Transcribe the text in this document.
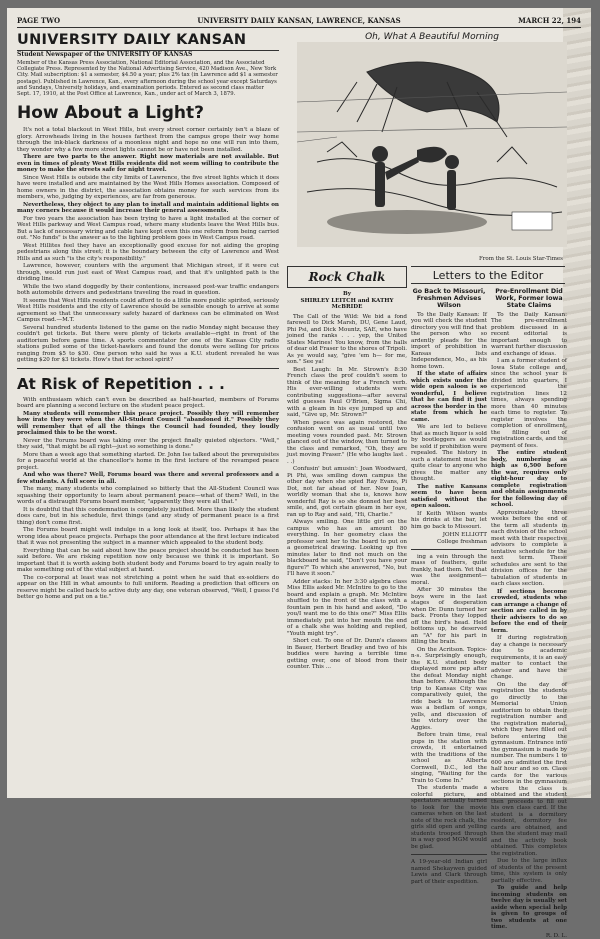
PAGE TWO	UNIVERSITY DAILY KANSAN, LAWRENCE, KANSAS	MARCH 22, 194
UNIVERSITY DAILY KANSAN
Student Newspaper of the UNIVERSITY OF KANSAS
Member of the Kansas Press Association, National Editorial Association, and the Associated Collegiate Press. Represented by the National Advertising Service, 420 Madison Ave., New York City. Mail subscription: $1 a semester, $4.50 a year; plus 2% tax (in Lawrence add $1 a semester postage). Published in Lawrence, Kan., every afternoon during the school year except Saturdays and Sundays, University holidays, and examination periods. Entered as second class matter Sept. 17, 1910, at the Post Office at Lawrence, Kan., under act of March 3, 1879.
How About a Light?

It's not a total blackout in West Hills, but every street corner certainly isn't a blaze of glory. Arrowheads living in the houses farthest from the campus grope their way home through the ink-black darkness of a moonless night and hope no one will run into them, they wonder why a few more street lights cannot be or have not been installed.

There are two parts to the answer. Right now materials are not available. But even in times of plenty West Hills residents did not seem willing to contribute the money to make the streets safe for night travel.

Since West Hills is outside the city limits of Lawrence, the five street lights which it does have were installed and are maintained by the West Hills Homes association. Composed of home owners in the district, the association obtains money for such services from its members, who, judging by experiences, are far from generous.

Nevertheless, they object to any plan to install and maintain additional lights on many corners because it would increase their general assessments.

For two years the association has been trying to have a light installed at the corner of West Hills parkway and West Campus road, where many students leave the West Hills bus. But a lack of necessary wiring and cable have kept even this one reform from being carried out. "No funds" is the answer as to the lighting problem goes in West Campus road.

West Hillites feel they have an exceptionally good excuse for not aiding the groping pedestrians along this street; it is the boundary between the city of Lawrence and West Hills and as such "is the city's responsibility."

Lawrence, however, counters with the argument that Michigan street, if it were cut through, would run just east of West Campus road, and that it's unlighted path is the dividing line.

While the two stand doggedly by their contentions, increased post-war traffic endangers both automobile drivers and pedestrians traveling the road in question.

It seems that West Hills residents could afford to do a little more public spirited, seriously West Hills residents and the city of Lawrence should be sensible enough to arrive at some agreement so that the unnecessary safety hazard of darkness can be eliminated on West Campus road.—M.T.

Several hundred students listened to the game on the radio Monday night because they couldn't get tickets. But there were plenty of tickets available—right in front of the auditorium before game time. A sports commentator for one of the Kansas City radio stations pulled some of the ticket-hawkers and found the donuts were selling for prices ranging from $5 to $30. One person who said he was a K.U. student revealed he was getting $20 for $3 tickets. How's that for school spirit?

At Risk of Repetition . . .

With enthusiasm which can't even be described as half-hearted, members of Forums board are planning a second lecture on the student peace project.

Many students will remember this peace project. Possibly they will remember how irate they were when the All-Student Council "abandoned it." Possibly they will remember that of all the things the Council had founded, they loudly proclaimed this to be the worst.

Never the Forums board was taking over the project finally quieted objectors. "Well," they said, "that might be all right—just so something is done."

More than a week ago that something started. Dr. John Ise talked about the prerequisites for a peaceful world at the chancellor's home in the first lecture of the revamped peace project.

And who was there? Well, Forums board was there and several professors and a few students. A full score in all.

The many, many students who complained so bitterly that the All-Student Council was squashing their opportunity to learn about permanent peace—what of them? Well, in the words of a distraught Forums board member, "apparently they were all that."

It is doubtful that this condemnation is completely justified. More than likely the student does care, but in his schedule, first things (and any study of permanent peace is a first thing) don't come first.

The Forums board might well indulge in a long look at itself, too. Perhaps it has the wrong idea about peace projects. Perhaps the poor attendance at the first lecture indicated that it was not presenting the subject in a manner which appealed to the student body.

Everything that can be said about how the peace project should be conducted has been said before. We are risking repetition now only because we think it is important. So important that it is worth asking both student body and Forums board to try again really to make something out of the vital subject at hand.

The co-corporal at least was not stretching a point when he said that ex-soldiers do appear on the Hill in what amounts to full uniform. Reading a prediction that officers on reserve might be called back to active duty any day, one veteran observed, "Well, I guess I'd better go home and put on a tie."

Oh, What A Beautiful Morning
From the St. Louis Star-Times
Rock Chalk
By
SHIRLEY LEITCH and KATHY McBRIDE

The Call of the Wild: We bid a fond farewell to Dick Marsh, DU, Gene Laud, Phi Psi, and Dick Mountz, SAE, who have joined the ranks . . . yep, the United States Marines! You know, from the halls of dear old Fraser to the shores of Tripoli. As ye would say, "give 'em h— for me, son." See ya!

Best Laugh: In Mr. Strown's 8:30 French class the prof couldn't seem to think of the meaning for a French verb. His ever-willing students were contributing suggestions—after several wild guesses Paul O'Brien, Sigma Chi, with a gleam in his eye jumped up and said, "Give up, Mr. Strown?"

When peace was again restored, the confusion went on as usual until two meeting vows rounded past. Mr. Strown glanced out of the window, then turned to the class and remarked, "Oh, they are just moving Fraser." (He who laughs last . . .)

Confusin' but amusin': Joan Woodward, Pi Phi, was smiling down campus the other day when she spied Ray Evans, Pi Dot, not far ahead of her. Now Joan, worldly woman that she is, knows how wonderful Ray is so she donned her best smile, and, got certain gleam in her eye, ran up to Ray and said, "Hi, Charlie."

Always smiling. One little girl on the campus who has an amount 80 everything. In her geometry class the professor sent her to the board to put on a geometrical drawing. Looking up five minutes later to find not much on the blackboard he said, "Don't you have your figure?" To which she answered, "No, but I'll have it soon."

Adder stacks: In her 3:30 algebra class Miss Ellis asked Mr. McIntire to go to the board and explain a graph. Mr. McIntire shuffled to the front of the class with a fountain pen in his hand and asked, "Do you/I want me to do this one?" Miss Ellis immediately put into her mouth the end of a chalk she was holding and replied, "Youth might try".

Short cut. To one of Dr. Dunn's classes in Bauer, Herbert Bradley and two of his buddies were having a terrible time getting over, one of blood from their counter. This ...

Letters to the Editor
Go Back to Missouri, Freshmen Advises Wilson

To the Daily Kansan: If you will check the student directory you will find that the person who so ardently pleads for the import of prohibition in Kansas lists Independence, Mo., as his home town.

If the state of affairs which exists under the wide open saloon is so wonderful, I believe that he can find it just across the border in the state from which he came.

We are led to believe that as much liquor is sold by bootleggers as would be sold if prohibition were repealed. The history in such a statement must be quite clear to anyone who gives the matter any thought.

The native Kansans seem to have been satisfied without the open saloon.

If Keith Wilson wants his drinks at the bar, let him go back to Missouri.

JOHN ELLIOTT
College freshman

ing a vein through the mass of feathers, quite frankly, had them. Yet that was the assignment—moral.

After 30 minutes the boys were in the last stages of desperation when Dr. Dunn turned her back. Fronts they lopped off the bird's head. Held bottoms up, he deserved an "A" for his part in filling the brain.

On the Acritson. Topics-n-s. Surprisingly enough, the K.U. student body displayed more pep after the defeat Monday night than before. Although the trip to Kansas City was comparatively quiet, the ride back to Lawrence was a bedlam of songs, yells, and discussion of the victory over the Aggies.

Before train time, real pups in the station with crowds, it entertained with the traditions of the school as Alberta Cornwell, D.C., led the singing, "Waiting for the Train to Come In."

The students made a colorful picture, and spectators actually turned to look for the movie cameras when on the last note of the rock chalk, the girls slid open and yelling students trooped through in a way good MGM would be glad.

A 19-year-old Indian girl named Shekaywen guided Lewis and Clark through part of their expedition.
Pre-Enrollment Did Work, Former Iowa State Claims

To the Daily Kansan: The pre-enrollment problem discussed in a recent editorial is important enough to warrant further discussion and exchange of ideas.

I am a former student of Iowa State college and, since the school year is divided into quarters, I experienced the registration lines 12 times, always spending more than 40 minutes each time to register. To register involves the completion of enrollment, the filling out of registration cards, and the payment of fees.

The entire student body, numbering as high as 6,500 before the war, requires only eight-hour day to complete registration and obtain assignments for the following day of school.

Approximately three weeks before the end of the term all students in each division of the school meet with their respective advisors to complete a tentative schedule for the next term. These schedules are sent to the division offices for the tabulation of students in each class section.

If sections become crowded, students who can arrange a change of section are called in by their advisers to do so before the end of their term.

If during registration day a change is necessary due to academic requirements, it is an easy matter to contact the adviser and have the change.

On the day of registration the students go directly to the Memorial Union auditorium to obtain their registration number and the registration material, which they have filled out before entering the gymnasium. Entrance into the gymnasium is made by number. The numbers 1 to 600 are admitted the first half hour and so on. Class cards for the various sections in the gymnasium where the class is obtained and the student then proceeds to fill out his own class card. If the student is a dormitory resident, dormitory fee cards are obtained, and then the student may mail and the activity book obtained. This completes the registration.

Due to the large influx of students of the present time, this system is only partially effective.

To guide and help incoming students on twelve day is usually set aside when special help is given to groups of two students at one time.

R. D. L.
